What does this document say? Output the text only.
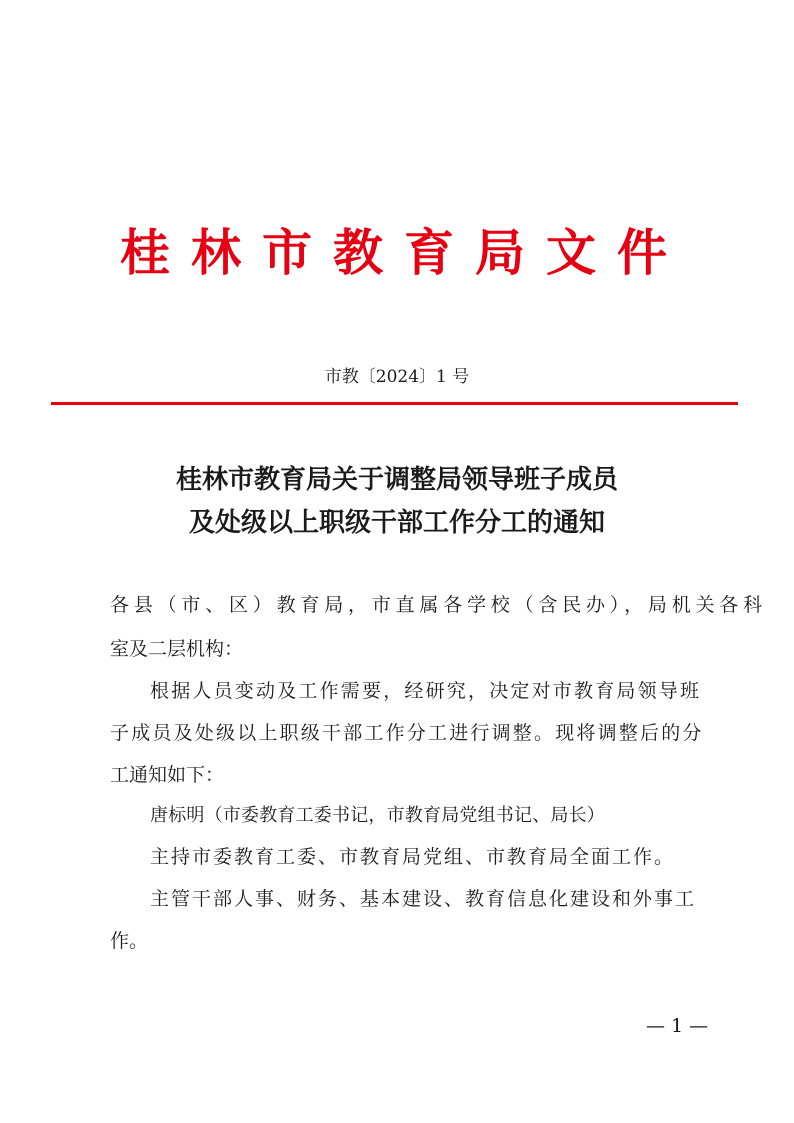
桂林市教育局文件
市教〔2024〕1 号
桂林市教育局关于调整局领导班子成员
及处级以上职级干部工作分工的通知
各县（市、区）教育局，市直属各学校（含民办），局机关各科
室及二层机构：
根据人员变动及工作需要，经研究，决定对市教育局领导班
子成员及处级以上职级干部工作分工进行调整。现将调整后的分
工通知如下：
唐标明（市委教育工委书记，市教育局党组书记、局长）
主持市委教育工委、市教育局党组、市教育局全面工作。
主管干部人事、财务、基本建设、教育信息化建设和外事工
作。
— 1 —
